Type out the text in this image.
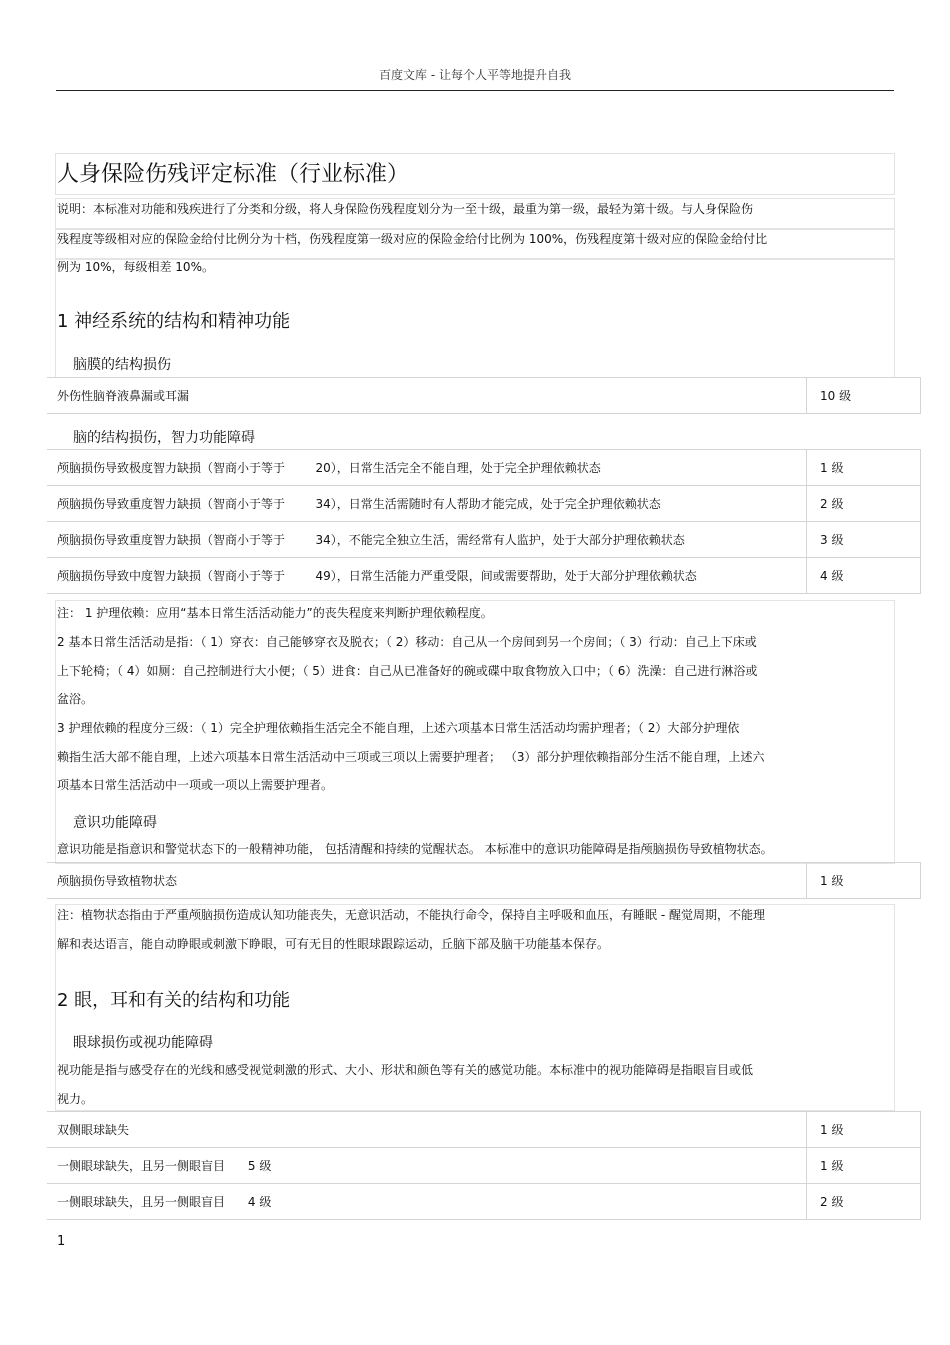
百度文库 - 让每个人平等地提升自我
人身保险伤残评定标准（行业标准）
说明：本标准对功能和残疾进行了分类和分级，将人身保险伤残程度划分为一至十级，最重为第一级，最轻为第十级。与人身保险伤
残程度等级相对应的保险金给付比例分为十档，伤残程度第一级对应的保险金给付比例为 100%，伤残程度第十级对应的保险金给付比
例为 10%，每级相差 10%。
1 神经系统的结构和精神功能
脑膜的结构损伤
外伤性脑脊液鼻漏或耳漏	10 级
脑的结构损伤，智力功能障碍
颅脑损伤导致极度智力缺损（智商小于等于        20），日常生活完全不能自理，处于完全护理依赖状态	1 级
颅脑损伤导致重度智力缺损（智商小于等于        34），日常生活需随时有人帮助才能完成，处于完全护理依赖状态	2 级
颅脑损伤导致重度智力缺损（智商小于等于        34），不能完全独立生活，需经常有人监护，处于大部分护理依赖状态	3 级
颅脑损伤导致中度智力缺损（智商小于等于        49），日常生活能力严重受限，间或需要帮助，处于大部分护理依赖状态	4 级
注： 1 护理依赖：应用“基本日常生活活动能力”的丧失程度来判断护理依赖程度。
2 基本日常生活活动是指：（ 1）穿衣：自己能够穿衣及脱衣；（ 2）移动：自己从一个房间到另一个房间；（ 3）行动：自己上下床或
上下轮椅；（ 4）如厕：自己控制进行大小便；（ 5）进食：自己从已准备好的碗或碟中取食物放入口中；（ 6）洗澡：自己进行淋浴或
盆浴。
3 护理依赖的程度分三级：（ 1）完全护理依赖指生活完全不能自理，上述六项基本日常生活活动均需护理者；（ 2）大部分护理依
赖指生活大部不能自理，上述六项基本日常生活活动中三项或三项以上需要护理者； （3）部分护理依赖指部分生活不能自理，上述六
项基本日常生活活动中一项或一项以上需要护理者。
意识功能障碍
意识功能是指意识和警觉状态下的一般精神功能， 包括清醒和持续的觉醒状态。 本标准中的意识功能障碍是指颅脑损伤导致植物状态。
颅脑损伤导致植物状态	1 级
注：植物状态指由于严重颅脑损伤造成认知功能丧失，无意识活动，不能执行命令，保持自主呼吸和血压，有睡眠 - 醒觉周期，不能理
解和表达语言，能自动睁眼或刺激下睁眼，可有无目的性眼球跟踪运动，丘脑下部及脑干功能基本保存。
2 眼，耳和有关的结构和功能
眼球损伤或视功能障碍
视功能是指与感受存在的光线和感受视觉刺激的形式、大小、形状和颜色等有关的感觉功能。本标准中的视功能障碍是指眼盲目或低
视力。
双侧眼球缺失	1 级
一侧眼球缺失，且另一侧眼盲目      5 级	1 级
一侧眼球缺失，且另一侧眼盲目      4 级	2 级
1
